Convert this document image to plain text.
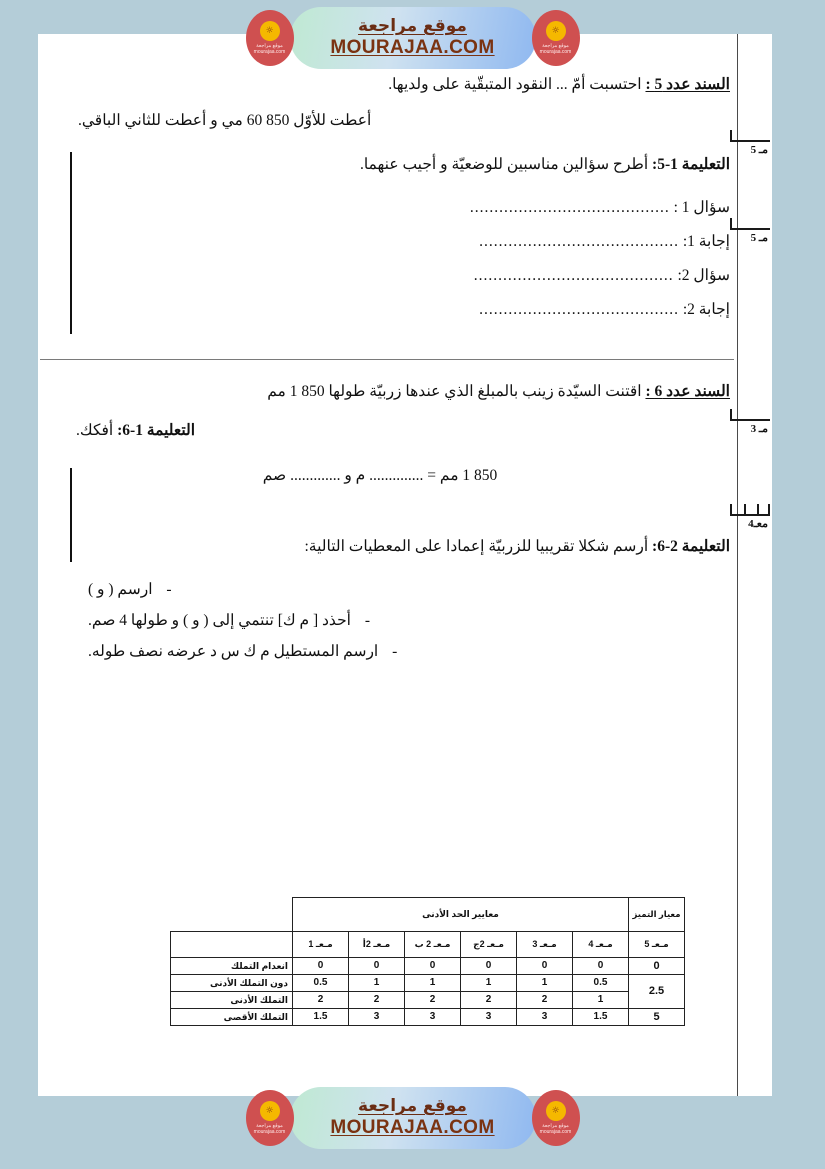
مـ 5
مـ 5
مـ 3
معـ4
السند عدد 5 : احتسبت أمّ ... النقود المتبقّية على ولديها.
أعطت للأوّل 850 60 مي و أعطت للثاني الباقي.
التعليمة 1-5: أطرح سؤالين مناسبين للوضعيّة و أجيب عنهما.
سؤال 1 : .........................................
إجابة 1: .........................................
سؤال 2: .........................................
إجابة 2: .........................................
السند عدد 6 : اقتنت السيّدة زينب بالمبلغ الذي عندها زربيّة طولها 850 1 مم
التعليمة 1-6: أفكك.
850 1 مم = .............. م و ............. صم
التعليمة 2-6: أرسم شكلا تقريبيا للزربيّة إعمادا على المعطيات التالية:
- ارسم ( و )
- أحذد [ م ك] تنتمي إلى ( و ) و طولها 4 صم.
- ارسم المستطيل م ك س د عرضه نصف طوله.
معيار التميز	معايير الحد الأدنى						
مـعـ 5	مـعـ 4	مـعـ 3	مـعـ 2ج	مـعـ 2 ب	مـعـ 2أ	مـعـ 1	
0	0	0	0	0	0	0	انعدام التملك
2.5	0.5	1	1	1	1	0.5	دون التملك الأدنى
	1	2	2	2	2	2	التملك الأدنى
5	1.5	3	3	3	3	1.5	التملك الأقصى
☼
موقع مراجعة mourajaa.com
موقع مراجعة
MOURAJAA.COM
☼
موقع مراجعة mourajaa.com
☼
موقع مراجعة mourajaa.com
موقع مراجعة
MOURAJAA.COM
☼
موقع مراجعة mourajaa.com
